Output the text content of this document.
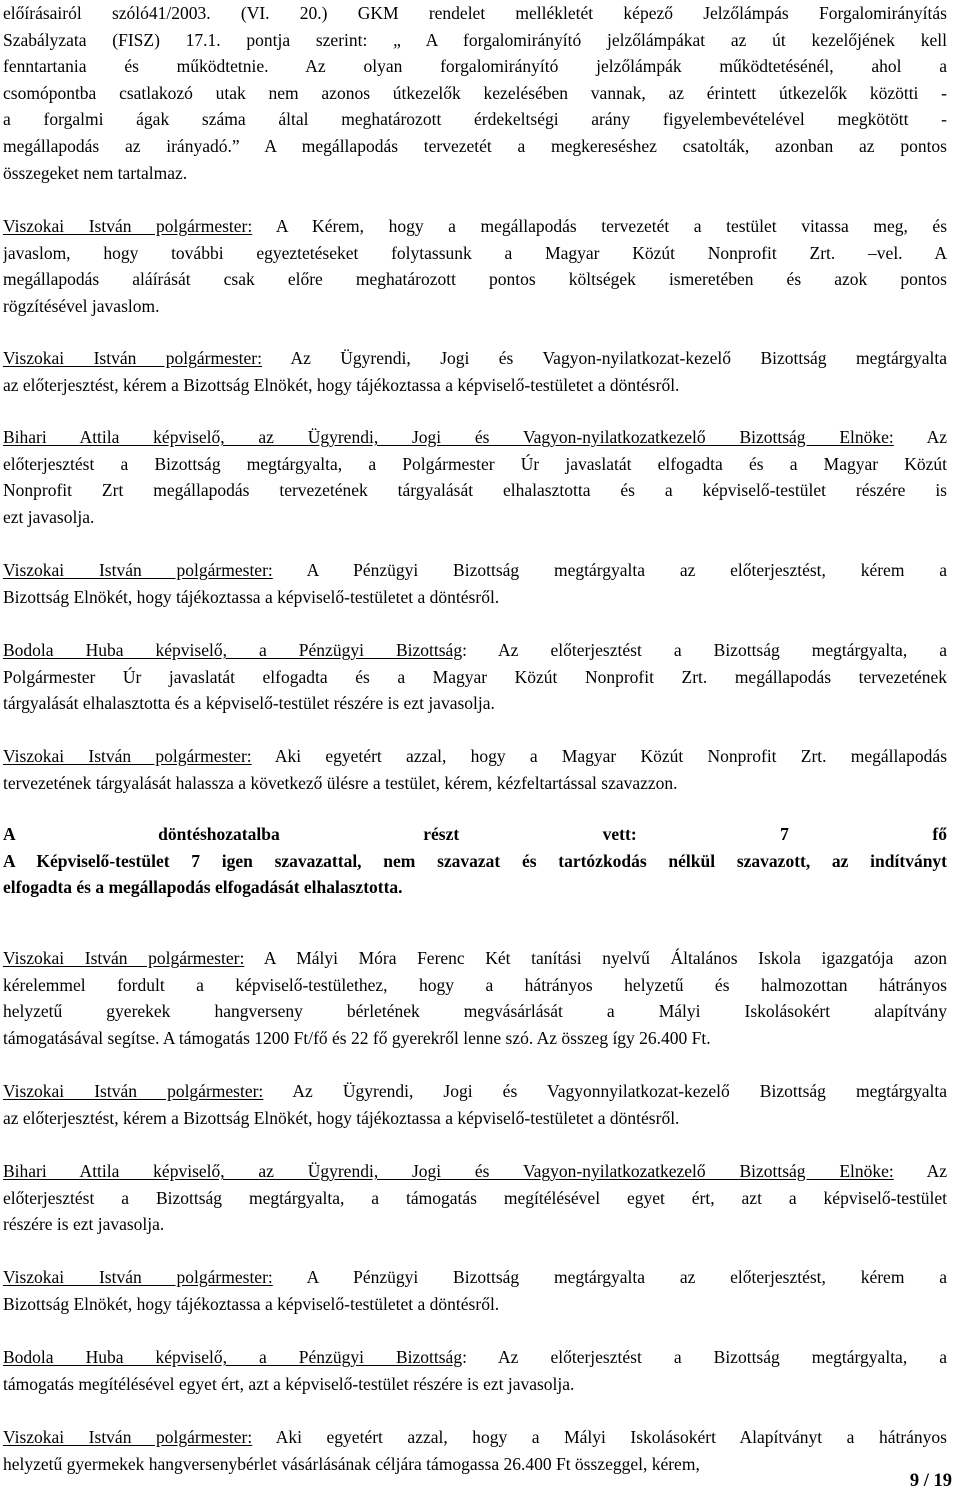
előírásairól szóló41/2003. (VI. 20.) GKM rendelet mellékletét képező Jelzőlámpás Forgalomirányítás
Szabályzata (FISZ) 17.1. pontja szerint: „ A forgalomirányító jelzőlámpákat az út kezelőjének kell
fenntartania és működtetnie. Az olyan forgalomirányító jelzőlámpák működtetésénél, ahol a
csomópontba csatlakozó utak nem azonos útkezelők kezelésében vannak, az érintett útkezelők közötti -
a forgalmi ágak száma által meghatározott érdekeltségi arány figyelembevételével megkötött -
megállapodás az irányadó.” A megállapodás tervezetét a megkereséshez csatolták, azonban az pontos
összegeket nem tartalmaz.
Viszokai István polgármester: A Kérem, hogy a megállapodás tervezetét a testület vitassa meg, és
javaslom, hogy további egyeztetéseket folytassunk a Magyar Közút Nonprofit Zrt. –vel. A
megállapodás aláírását csak előre meghatározott pontos költségek ismeretében és azok pontos
rögzítésével javaslom.
Viszokai István polgármester: Az Ügyrendi, Jogi és Vagyon-nyilatkozat-kezelő Bizottság megtárgyalta
az előterjesztést, kérem a Bizottság Elnökét, hogy tájékoztassa a képviselő-testületet a döntésről.
Bihari Attila képviselő, az Ügyrendi, Jogi és Vagyon-nyilatkozatkezelő Bizottság Elnöke: Az
előterjesztést a Bizottság megtárgyalta, a Polgármester Úr javaslatát elfogadta és a Magyar Közút
Nonprofit Zrt megállapodás tervezetének tárgyalását elhalasztotta és a képviselő-testület részére is
ezt javasolja.
Viszokai István polgármester: A Pénzügyi Bizottság megtárgyalta az előterjesztést, kérem a
Bizottság Elnökét, hogy tájékoztassa a képviselő-testületet a döntésről.
Bodola Huba képviselő, a Pénzügyi Bizottság: Az előterjesztést a Bizottság megtárgyalta, a
Polgármester Úr javaslatát elfogadta és a Magyar Közút Nonprofit Zrt. megállapodás tervezetének
tárgyalását elhalasztotta és a képviselő-testület részére is ezt javasolja.
Viszokai István polgármester: Aki egyetért azzal, hogy a Magyar Közút Nonprofit Zrt. megállapodás
tervezetének tárgyalását halassza a következő ülésre a testület, kérem, kézfeltartással szavazzon.
A döntéshozatalba részt vett: 7 fő
A Képviselő-testület 7 igen szavazattal, nem szavazat és tartózkodás nélkül szavazott, az indítványt
elfogadta és a megállapodás elfogadását elhalasztotta.
Viszokai István polgármester: A Mályi Móra Ferenc Két tanítási nyelvű Általános Iskola igazgatója azon
kérelemmel fordult a képviselő-testülethez, hogy a hátrányos helyzetű és halmozottan hátrányos
helyzetű gyerekek hangverseny bérletének megvásárlását a Mályi Iskolásokért alapítvány
támogatásával segítse. A támogatás 1200 Ft/fő és 22 fő gyerekről lenne szó. Az összeg így 26.400 Ft.
Viszokai István polgármester: Az Ügyrendi, Jogi és Vagyonnyilatkozat-kezelő Bizottság megtárgyalta
az előterjesztést, kérem a Bizottság Elnökét, hogy tájékoztassa a képviselő-testületet a döntésről.
Bihari Attila képviselő, az Ügyrendi, Jogi és Vagyon-nyilatkozatkezelő Bizottság Elnöke: Az
előterjesztést a Bizottság megtárgyalta, a támogatás megítélésével egyet ért, azt a képviselő-testület
részére is ezt javasolja.
Viszokai István polgármester: A Pénzügyi Bizottság megtárgyalta az előterjesztést, kérem a
Bizottság Elnökét, hogy tájékoztassa a képviselő-testületet a döntésről.
Bodola Huba képviselő, a Pénzügyi Bizottság: Az előterjesztést a Bizottság megtárgyalta, a
támogatás megítélésével egyet ért, azt a képviselő-testület részére is ezt javasolja.
Viszokai István polgármester: Aki egyetért azzal, hogy a Mályi Iskolásokért Alapítványt a hátrányos
helyzetű gyermekek hangversenybérlet vásárlásának céljára támogassa 26.400 Ft összeggel, kérem,
9 / 19
